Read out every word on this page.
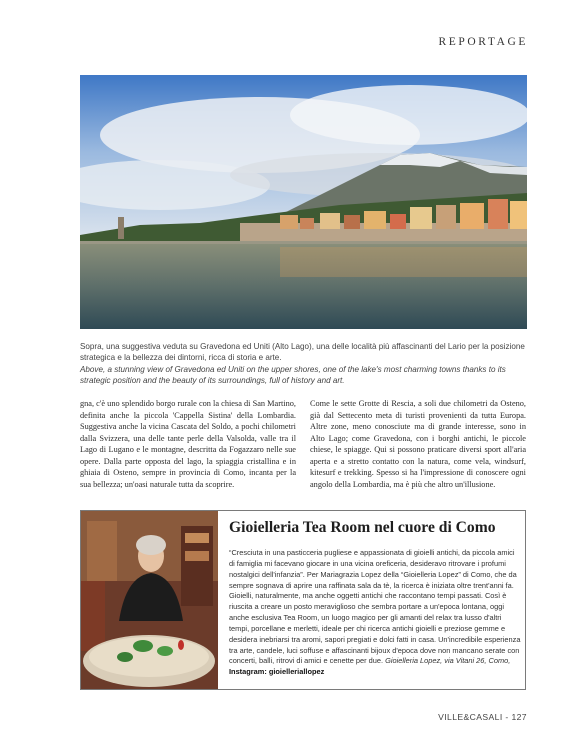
REPORTAGE
Sopra, una suggestiva veduta su Gravedona ed Uniti (Alto Lago), una delle località più affascinanti del Lario per la posizione strategica e la bellezza dei dintorni, ricca di storia e arte.
Above, a stunning view of Gravedona ed Uniti on the upper shores, one of the lake's most charming towns thanks to its strategic position and the beauty of its surroundings, full of history and art.
gna, c'è uno splendido borgo rurale con la chiesa di San Martino, definita anche la piccola 'Cappella Sistina' della Lombardia. Suggestiva anche la vicina Cascata del Soldo, a pochi chilometri dalla Svizzera, una delle tante perle della Valsolda, valle tra il Lago di Lugano e le montagne, descritta da Fogazzaro nelle sue opere. Dalla parte opposta del lago, la spiaggia cristallina e in ghiaia di Osteno, sempre in provincia di Como, incanta per la sua bellezza; un'oasi naturale tutta da scoprire.
Come le sette Grotte di Rescia, a soli due chilometri da Osteno, già dal Settecento meta di turisti provenienti da tutta Europa. Altre zone, meno conosciute ma di grande interesse, sono in Alto Lago; come Gravedona, con i borghi antichi, le piccole chiese, le spiagge. Qui si possono praticare diversi sport all'aria aperta e a stretto contatto con la natura, come vela, windsurf, kitesurf e trekking. Spesso si ha l'impressione di conoscere ogni angolo della Lombardia, ma è più che altro un'illusione.
Gioielleria Tea Room nel cuore di Como
“Cresciuta in una pasticceria pugliese e appassionata di gioielli antichi, da piccola amici di famiglia mi facevano giocare in una vicina oreficeria, desideravo ritrovare i profumi nostalgici dell'infanzia”. Per Mariagrazia Lopez della “Gioielleria Lopez” di Como, che da sempre sognava di aprire una raffinata sala da tè, la ricerca è iniziata oltre trent'anni fa. Gioielli, naturalmente, ma anche oggetti antichi che raccontano tempi passati. Così è riuscita a creare un posto meraviglioso che sembra portare a un'epoca lontana, oggi anche esclusiva Tea Room, un luogo magico per gli amanti del relax tra lusso d'altri tempi, porcellane e merletti, ideale per chi ricerca antichi gioielli e preziose gemme e desidera inebriarsi tra aromi, sapori pregiati e dolci fatti in casa. Un'incredibile esperienza tra arte, candele, luci soffuse e affascinanti bijoux d'epoca dove non mancano serate con concerti, balli, ritrovi di amici e cenette per due. Gioielleria Lopez, via Vitani 26, Como, Instagram: gioielleriallopez
VILLE&CASALI - 127
